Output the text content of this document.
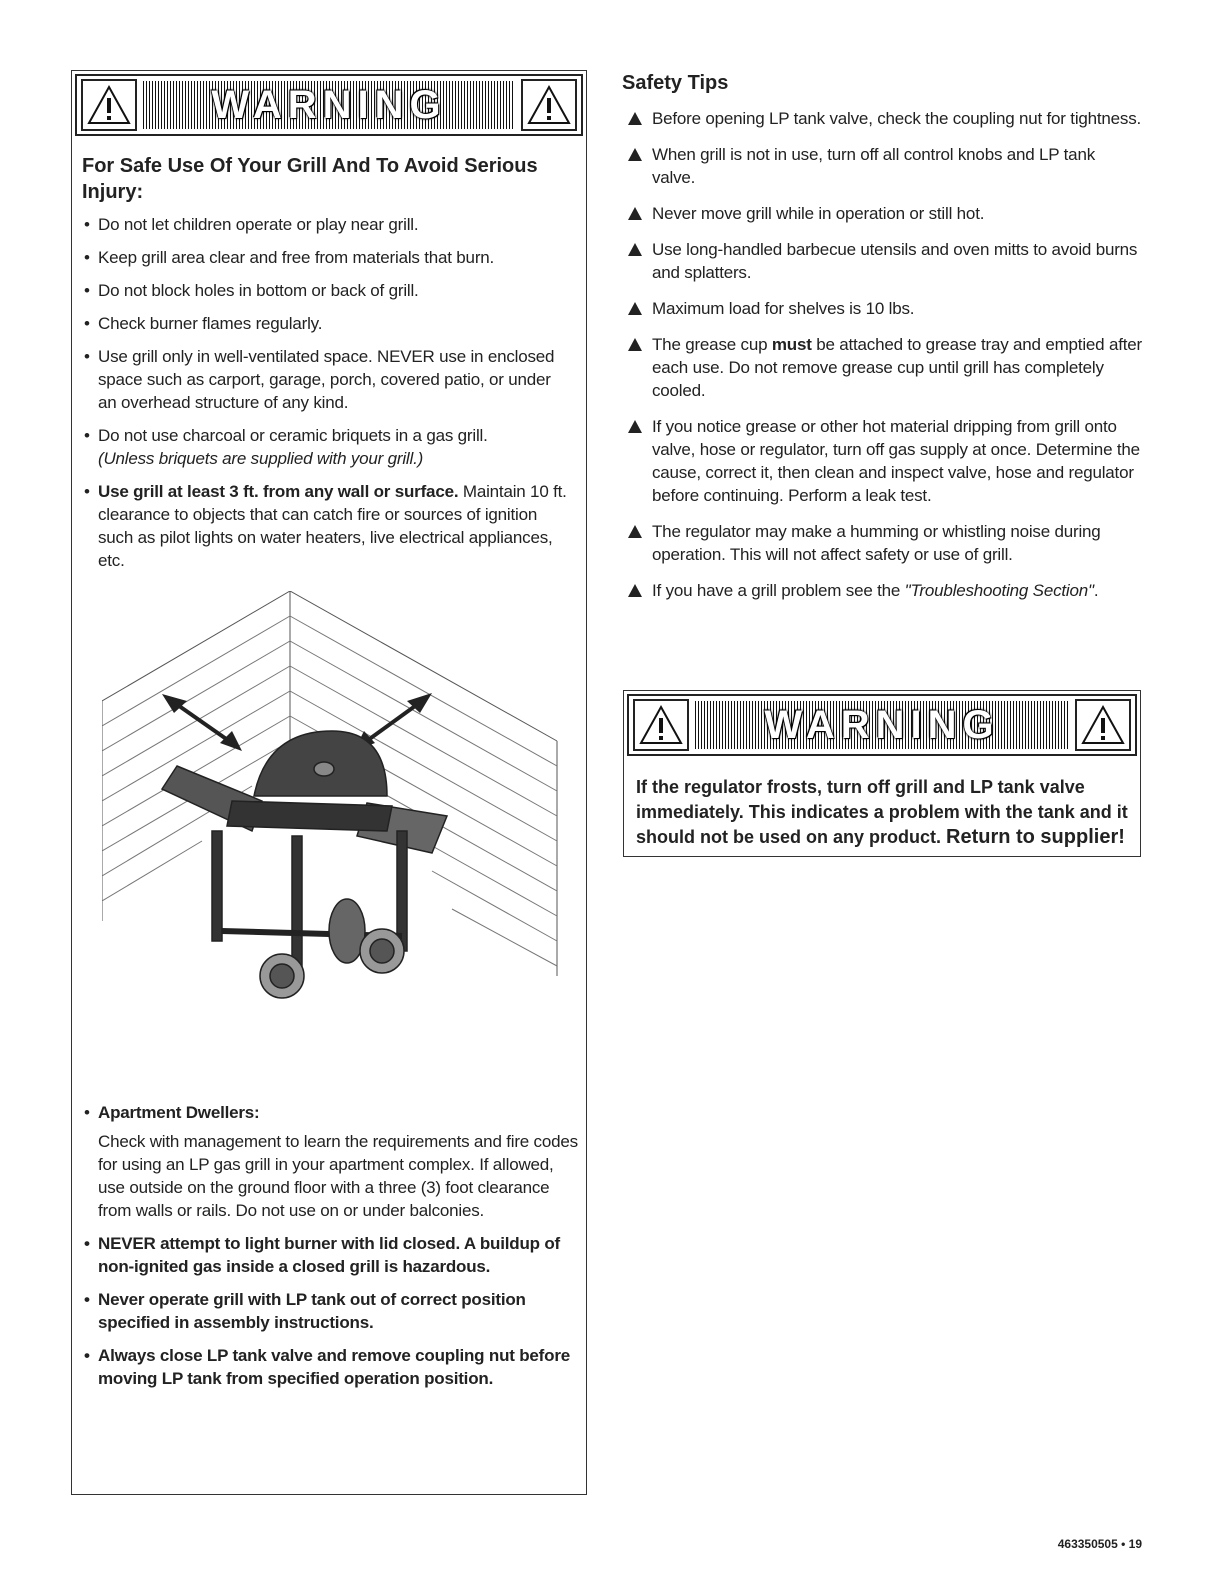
WARNING
For Safe Use Of Your Grill And To Avoid Serious Injury:
• Do not let children operate or play near grill.
• Keep grill area clear and free from materials that burn.
• Do not block holes in bottom or back of grill.
• Check burner flames regularly.
• Use grill only in well-ventilated space. NEVER use in enclosed space such as carport, garage, porch, covered patio, or under an overhead structure of any kind.
• Do not use charcoal or ceramic briquets in a gas grill.
(Unless briquets are supplied with your grill.)
• Use grill at least 3 ft. from any wall or surface. Maintain 10 ft. clearance to objects that can catch fire or sources of ignition such as pilot lights on water heaters, live electrical appliances, etc.
• Apartment Dwellers:
Check with management to learn the requirements and fire codes for using an LP gas grill in your apartment complex. If allowed, use outside on the ground floor with a three (3) foot clearance from walls or rails. Do not use on or under balconies.
• NEVER attempt to light burner with lid closed. A buildup of non-ignited gas inside a closed grill is hazardous.
• Never operate grill with LP tank out of correct position specified in assembly instructions.
• Always close LP tank valve and remove coupling nut before moving LP tank from specified operation position.
Safety Tips
Before opening LP tank valve, check the coupling nut for tightness.
When grill is not in use, turn off all control knobs and LP tank valve.
Never move grill while in operation or still hot.
Use long-handled barbecue utensils and oven mitts to avoid burns and splatters.
Maximum load for shelves is 10 lbs.
The grease cup must be attached to grease tray and emptied after each use. Do not remove grease cup until grill has completely cooled.
If you notice grease or other hot material dripping from grill onto valve, hose or regulator, turn off gas supply at once. Determine the cause, correct it, then clean and inspect valve, hose and regulator before continuing. Perform a leak test.
The regulator may make a humming or whistling noise during operation. This will not affect safety or use of grill.
If you have a grill problem see the "Troubleshooting Section".
WARNING
If the regulator frosts, turn off grill and LP tank valve immediately. This indicates a problem with the tank and it should not be used on any product. Return to supplier!
463350505 • 19
